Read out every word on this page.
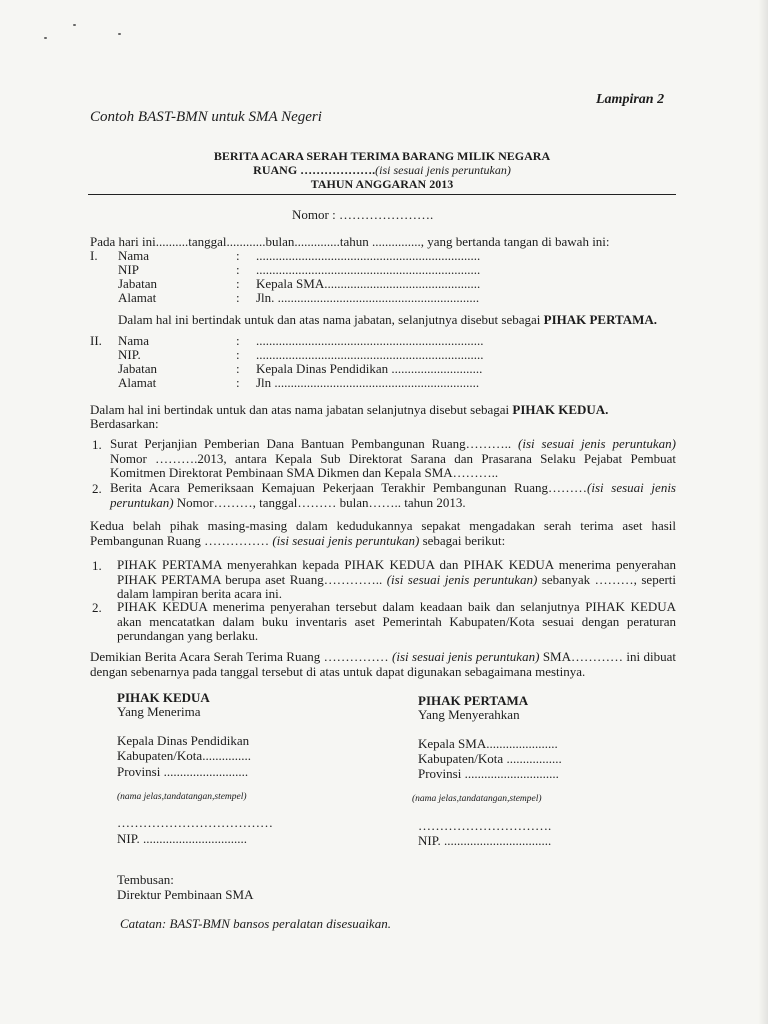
Lampiran 2
Contoh BAST-BMN untuk SMA Negeri
BERITA ACARA SERAH TERIMA BARANG MILIK NEGARA
RUANG ……………….(isi sesuai jenis peruntukan)
TAHUN ANGGARAN 2013
Nomor : ………………….
Pada hari ini..........tanggal............bulan..............tahun ..............., yang bertanda tangan di bawah ini:
I. Nama	: .....................................................................
NIP	: .....................................................................
Jabatan	: Kepala SMA................................................
Alamat	: Jln. ..............................................................
Dalam hal ini bertindak untuk dan atas nama jabatan, selanjutnya disebut sebagai PIHAK PERTAMA.
II. Nama	: ......................................................................
NIP.	: ......................................................................
Jabatan	: Kepala Dinas Pendidikan ............................
Alamat	: Jln ...............................................................
Dalam hal ini bertindak untuk dan atas nama jabatan selanjutnya disebut sebagai PIHAK KEDUA.
Berdasarkan:
1. Surat Perjanjian Pemberian Dana Bantuan Pembangunan Ruang……….. (isi sesuai jenis peruntukan) Nomor ……….2013, antara Kepala Sub Direktorat Sarana dan Prasarana Selaku Pejabat Pembuat Komitmen Direktorat Pembinaan SMA Dikmen dan Kepala SMA………..
2. Berita Acara Pemeriksaan Kemajuan Pekerjaan Terakhir Pembangunan Ruang………(isi sesuai jenis peruntukan) Nomor………, tanggal……… bulan…….. tahun 2013.
Kedua belah pihak masing-masing dalam kedudukannya sepakat mengadakan serah terima aset hasil Pembangunan Ruang …………… (isi sesuai jenis peruntukan) sebagai berikut:
1. PIHAK PERTAMA menyerahkan kepada PIHAK KEDUA dan PIHAK KEDUA menerima penyerahan PIHAK PERTAMA berupa aset Ruang………….. (isi sesuai jenis peruntukan) sebanyak ………, seperti dalam lampiran berita acara ini.
2. PIHAK KEDUA menerima penyerahan tersebut dalam keadaan baik dan selanjutnya PIHAK KEDUA akan mencatatkan dalam buku inventaris aset Pemerintah Kabupaten/Kota sesuai dengan peraturan perundangan yang berlaku.
Demikian Berita Acara Serah Terima Ruang …………… (isi sesuai jenis peruntukan) SMA………… ini dibuat dengan sebenarnya pada tanggal tersebut di atas untuk dapat digunakan sebagaimana mestinya.
PIHAK KEDUA
Yang Menerima
Kepala Dinas Pendidikan
Kabupaten/Kota...............
Provinsi ..........................
(nama jelas,tandatangan,stempel)
………………………………
NIP. ................................
PIHAK PERTAMA
Yang Menyerahkan
Kepala SMA......................
Kabupaten/Kota .................
Provinsi .............................
(nama jelas,tandatangan,stempel)
………………………….
NIP. .................................
Tembusan:
Direktur Pembinaan SMA
Catatan: BAST-BMN bansos peralatan disesuaikan.
